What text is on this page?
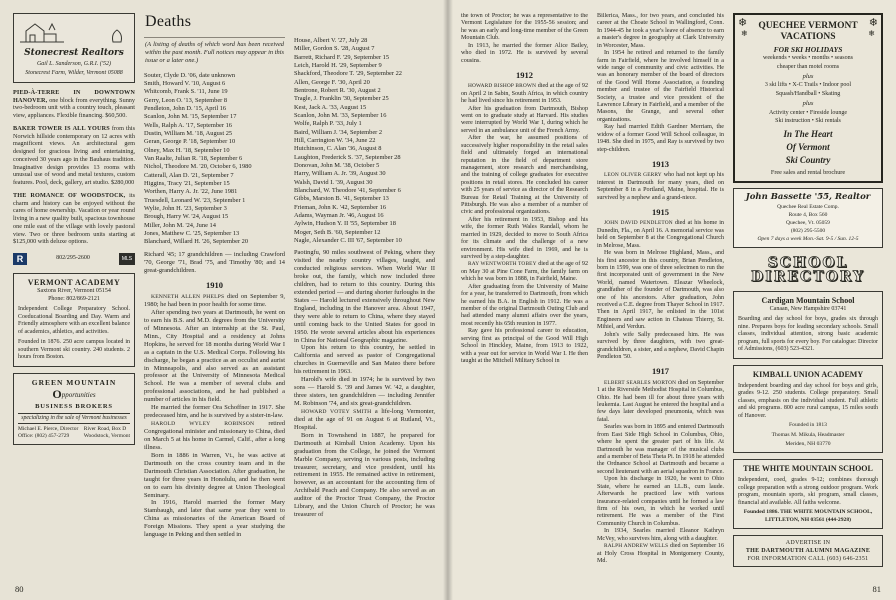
Stonecrest Realtors
Gail L. Sanderson, G.R.I. ('52)
Stonecrest Farm, Wilder, Vermont 05088

PIED-À-TERRE IN DOWNTOWN HANOVER, one block from everything. Sunny two-bedroom unit with a country touch, pleasant view, appliances. Flexible financing. $60,500.

BAKER TOWER IS ALL YOURS from this Norwich hillside contemporary on 12 acres with magnificent views. An architectural gem designed for gracious living and entertaining, conceived 30 years ago in the Bauhaus tradition. Imaginative design provides 13 rooms with unusual use of wood and metal textures, custom features. Pool, deck, gallery, art studio. $280,000

THE ROMANCE OF WOODSTOCK, its charm and history can be enjoyed without the cares of home ownership. Vacation or year round living in a new quality built, spacious townhouse one mile east of the village with lovely pastoral view. Two or three bedroom units starting at $125,000 with deluxe options.

R	802/295-2600	MLS
VERMONT ACADEMY
Saxtons River, Vermont 05154
Phone: 802/869-2121
Independent College Preparatory School. Coeducational Boarding and Day. Warm and Friendly atmosphere with an excellent balance of academics, athletics, and activities.
Founded in 1876. 250 acre campus located in southern Vermont ski country. 240 students. 2 hours from Boston.
GREEN MOUNTAIN
Opportunities
BUSINESS BROKERS
specializing in the sale of Vermont businesses
Michael E. Pierce, Director
Office: (802) 457-2729
River Road, Box D
Woodstock, Vermont
Deaths
(A listing of deaths of which word has been received within the past month. Full notices may appear in this issue or a later one.)
Souter, Clyde D. '06, date unknown
Smith, Howard V. '10, August 6
Whitcomb, Frank S. '11, June 19
Gerry, Leon O. '13, September 8
Pendleton, John D. '15, April 16
Scanlon, John M. '15, September 17
Wells, Ralph A. '17, September 16
Dustin, William M. '18, August 25
Geran, George P. '18, September 10
Olney, Max H. '18, September 10
Van Raalte, Julian R. '18, September 6
Nichol, Theodore M. '20, October 6, 1980
Catterall, Alan D. '21, September 7
Higgins, Tracy '21, September 15
Worthen, Harry A. Jr. '22, June 1981
Truesdell, Leonard W. '23, September 1
Wylie, John H. '23, September 3
Brough, Harry W. '24, August 15
Miller, John M. '24, June 14
Jones, Matthew C. '25, September 13
Blanchard, Willard H. '26, September 20

Richard '45; 17 grandchildren — including Crawford '70, George '71, Brad '75, and Timothy '80; and 14 great-grandchildren.

1910

KENNETH ALLEN PHELPS died on September 9, 1980; he had been in poor health for some time.

After spending two years at Dartmouth, he went on to earn his B.S. and M.D. degrees from the University of Minnesota. After an internship at the St. Paul, Minn., City Hospital and a residency at Johns Hopkins, he served for 18 months during World War I as a captain in the U.S. Medical Corps. Following his discharge, he began a practice as an occulist and aurist in Minneapolis, and also served as an assistant professor at the University of Minnesota Medical School. He was a member of several clubs and professional associations, and he had published a number of articles in his field.

He married the former Ora Schoffner in 1917. She predeceased him, and he is survived by a sister-in-law.

HAROLD WYLEY ROBINSON retired Congregational minister and missionary to China, died on March 5 at his home in Carmel, Calif., after a long illness.

Born in 1886 in Warren, Vt., he was active at Dartmouth on the cross country team and in the Dartmouth Christian Association. After graduation, he taught for three years in Honolulu, and he then went on to earn his divinity degree at Union Theological Seminary.

In 1916, Harold married the former Mary Stambaugh, and later that same year they went to China as missionaries of the American Board of Foreign Missions. They spent a year studying the language in Peking and then settled in

House, Albert V. '27, July 28
Miller, Gordon S. '28, August 7
Barrett, Richard F. '29, September 15
Leich, Harold H. '29, September 9
Shackford, Theodore T. '29, September 22
Allen, George F. '30, April 20
Bentrone, Robert R. '30, August 2
Tragle, J. Franklin '30, September 25
Kest, Jack A. '33, August 15
Scanlon, John M. '33, September 16
Wolfe, Ralph P. '33, July 1
Baird, William J. '34, September 2
Hill, Carrington W. '34, June 22
Hutchinson, C. Alan '36, August 8
Laughton, Frederick S. '37, September 28
Donovan, John M. '38, October 5
Harry, William A. Jr. '39, August 30
Walsh, David I. '39, August 30
Blanchard, W. Theodore '41, September 6
Gibbs, Marston B. '41, September 13
Frieman, John K. '42, September 16
Adams, Wayman Jr. '46, August 16
Aylwin, Hudson Y. II '55, September 18
Moger, Seth B. '60, September 12
Nagle, Alexander C. III '67, September 10

Paotingfu, 90 miles southwest of Peking, where they visited the nearby country villages, taught, and conducted religious services. When World War II broke out, the family, which now included three children, had to return to this country. During this extended period — and during shorter furloughs in the States — Harold lectured extensively throughout New England, including in the Hanover area. About 1947, they were able to return to China, where they stayed until coming back to the United States for good in 1950. He wrote several articles about his experiences in China for National Geographic magazine.

Upon his return to this country, he settled in California and served as pastor of Congregational churches in Guerneville and San Mateo there before his retirement in 1963.

Harold's wife died in 1974; he is survived by two sons — Harold S. '39 and James W. '42, a daughter, three sisters, ten grandchildren — including Jennifer M. Robinson '74, and six great-grandchildren.

HOWARD VOTEY SMITH a life-long Vermonter, died at the age of 91 on August 6 at Rutland, Vt., Hospital.

Born in Townshend in 1887, he prepared for Dartmouth at Kimball Union Academy. Upon his graduation from the College, he joined the Vermont Marble Company, serving in various posts, including treasurer, secretary, and vice president, until his retirement in 1955. He remained active in retirement, however, as an accountant for the accounting firm of Archibald Peach and Company. He also served as an auditor of the Proctor Trust Company, the Proctor Library, and the Union Church of Proctor; he was treasurer of

80

the town of Proctor; he was a representative to the Vermont Legislature for the 1955-56 session; and he was an early and long-time member of the Green Mountain Club.

In 1913, he married the former Alice Bailey, who died in 1972. He is survived by several cousins.

1912

HOWARD BISHOP BROWN died at the age of 92 on April 2 in Sabin, South Africa, in which country he had lived since his retirement in 1953.

After his graduation from Dartmouth, Bishop went on to graduate study at Harvard. His studies were interrupted by World War I, during which he served in an ambulance unit of the French Army.

After the war, he assumed positions of successively higher responsibility in the retail sales field and ultimately forged an international reputation in the field of department store management, store research and merchandising, and the training of college graduates for executive positions in retail stores. He concluded his career with 25 years of service as director of the Research Bureau for Retail Training at the University of Pittsburgh. He was also a member of a number of civic and professional organizations.

After his retirement in 1953, Bishop and his wife, the former Ruth Wales Randall, whom he married in 1929, decided to move to South Africa for its climate and the challenge of a new environment. His wife died in 1969, and he is survived by a step-daughter.

RAY WENTWORTH TOBEY died at the age of 92 on May 30 at Pine Cone Farm, the family farm on which he was born in 1888, in Fairfield, Maine.

After graduating from the University of Maine for a year, he transferred to Dartmouth, from which he earned his B.A. in English in 1912. He was a member of the original Dartmouth Outing Club and had attended many alumni affairs over the years, most recently his 65th reunion in 1977.

Ray gave his professional career to education, serving first as principal of the Good Will High School in Hinckley, Maine, from 1913 to 1922, with a year out for service in World War I. He then taught at the Mitchell Military School in

Billerica, Mass., for two years, and concluded his career at the Choate School in Wallingford, Conn. In 1944-45 he took a year's leave of absence to earn a master's degree in geography at Clark University in Worcester, Mass.

In 1954 he retired and returned to the family farm in Fairfield, where he involved himself in a wide range of community and civic activities. He was an honorary member of the board of directors of the Good Will Home Association, a founding member and trustee of the Fairfield Historical Society, a trustee and vice president of the Lawrence Library in Fairfield, and a member of the Masons, the Grange, and several other organizations.

Ray had married Edith Gardner Merriam, the widow of a former Good Will School colleague, in 1948. She died in 1975, and Ray is survived by two step-children.

1913

LEON OLIVER GERRY who had not kept up his interest in Dartmouth for many years, died on September 8 in a Portland, Maine, hospital. He is survived by a nephew and a grand-niece.

1915

JOHN DAVID PENDLETON died at his home in Dunedin, Fla., on April 16. A memorial service was held on September 8 at the Congregational Church in Melrose, Mass.

He was born in Melrose Highland, Mass., and his first ancestor in this country, Brian Pendleton, born in 1599, was one of three selectmen to run the first incorporated unit of government in the New World, named Watertown. Eleazar Wheelock, grandfather of the founder of Dartmouth, was also one of his ancestors. After graduation, John received a C.E. degree from Thayer School in 1917. Then in April 1917, he enlisted in the 101st Engineers and saw action in Chateau Thierry, St. Mihiel, and Verdun.

John's wife Sally predeceased him. He was survived by three daughters, with two great-grandchildren, a sister, and a nephew, David Chapin Pendleton '50.

1917

ELBERT SEARLES MORTON died on September 1 at the Riverside Methodist Hospital in Columbus, Ohio. He had been ill for about three years with leukemia. Last August he entered the hospital and a few days later developed pneumonia, which was fatal.

Searles was born in 1895 and entered Dartmouth from East Side High School in Columbus, Ohio, where he spent the greater part of his life. At Dartmouth he was manager of the musical clubs and a member of Beta Theta Pi. In 1918 he attended the Ordnance School at Dartmouth and became a second lieutenant with an aerial squadron in France.

Upon his discharge in 1920, he went to Ohio State, where he earned an LL.B., cum laude. Afterwards he practiced law with various insurance-related companies until he formed a law firm of his own, in which he worked until retirement. He was a member of the First Community Church in Columbus.

In 1934, Searles married Eleanor Kathryn McVey, who survives him, along with a daughter.

RALPH ANDREW WELLS died on September 16 at Holy Cross Hospital in Montgomery County, Md.

❄	❄
❄	❄
QUECHEE VERMONT
VACATIONS
FOR SKI HOLIDAYS
weekends • weeks • months • seasons
cheaper than motel rooms
plus
3 ski lifts • X-C Trails • Indoor pool
Squash/Handball • Skating
plus
Activity center • Fireside lounge
Ski instruction • Ski rentals
In The Heart
Of Vermont
Ski Country
Free sales and rental brochure
John Bassette '55, Realtor
Quechee Real Estate Comp.
Route 4, Box 560
Quechee, Vt. 05059
(802) 295-5500
Open 7 days a week Mon.-Sat. 9-5 / Sun. 12-5
SCHOOL
DIRECTORY
Cardigan Mountain School
Canaan, New Hampshire 03741
Boarding and day school for boys, grades six through nine. Prepares boys for leading secondary schools. Small classes, individual attention, strong basic academic program, full sports for every boy. For catalogue: Director of Admissions, (603) 523-4321.
KIMBALL UNION ACADEMY
Independent boarding and day school for boys and girls, grades 9-12. 250 students. College preparatory. Small classes, emphasis on the individual student. Full athletic and ski programs. 800 acre rural campus, 15 miles south of Hanover.
Founded in 1813
Thomas M. Mikula, Headmaster
Meriden, NH 03770
THE WHITE MOUNTAIN SCHOOL
Independent, coed, grades 9-12; combines thorough college preparation with a strong outdoor program. Work program, mountain sports, ski program, small classes, financial aid available. All faiths welcome.
Founded 1886. THE WHITE MOUNTAIN SCHOOL, LITTLETON, NH 03561 (444-2928)
ADVERTISE IN
THE DARTMOUTH ALUMNI MAGAZINE
FOR INFORMATION CALL (603) 646-2351
81
